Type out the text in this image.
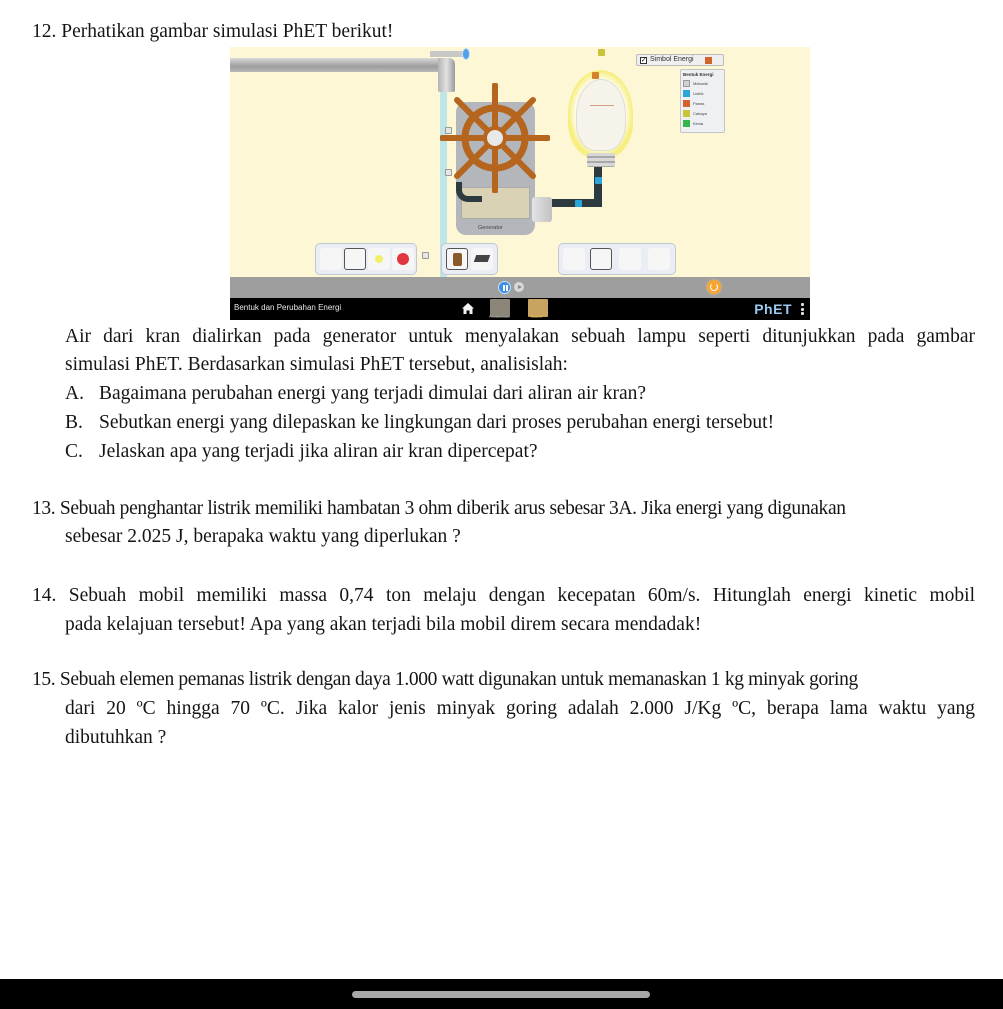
12. Perhatikan gambar simulasi PhET berikut!
Generator
✓ Simbol Energi
Bentuk Energi
Mekanik
Listrik
Panas
Cahaya
Kimia
Bentuk dan Perubahan Energi
Pendahuluan	Sistem	PhET
Air dari kran dialirkan pada generator untuk menyalakan sebuah lampu seperti ditunjukkan pada gambar
simulasi PhET. Berdasarkan simulasi PhET tersebut, analisislah:
A. Bagaimana perubahan energi yang terjadi dimulai dari aliran air kran?
B. Sebutkan energi yang dilepaskan ke lingkungan dari proses perubahan energi tersebut!
C. Jelaskan apa yang terjadi jika aliran air kran dipercepat?
13. Sebuah penghantar listrik memiliki hambatan 3 ohm diberik arus sebesar 3A. Jika energi yang digunakan
sebesar 2.025 J, berapaka waktu yang diperlukan ?
14. Sebuah mobil memiliki massa 0,74 ton melaju dengan kecepatan 60m/s. Hitunglah energi kinetic mobil
pada kelajuan tersebut! Apa yang akan terjadi bila mobil direm secara mendadak!
15. Sebuah elemen pemanas listrik dengan daya 1.000 watt digunakan untuk memanaskan 1 kg minyak goring
dari 20 ºC hingga 70 ºC. Jika kalor jenis minyak goring adalah 2.000 J/Kg ºC, berapa lama waktu yang
dibutuhkan ?
